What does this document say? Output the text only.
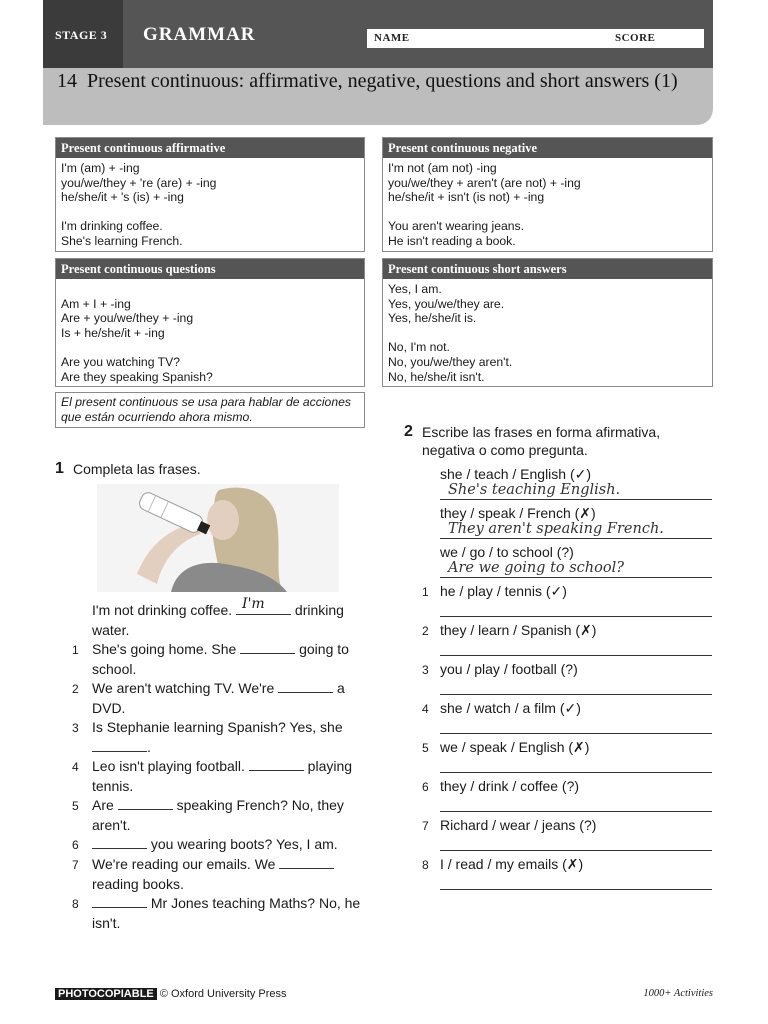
STAGE 3 GRAMMAR	NAME	SCORE
14 Present continuous: affirmative, negative, questions and short answers (1)
Present continuous affirmative
I'm (am) + -ing
you/we/they + 're (are) + -ing
he/she/it + 's (is) + -ing
I'm drinking coffee.
She's learning French.
Present continuous negative
I'm not (am not) -ing
you/we/they + aren't (are not) + -ing
he/she/it + isn't (is not) + -ing
You aren't wearing jeans.
He isn't reading a book.
Present continuous questions
Am + I + -ing
Are + you/we/they + -ing
Is + he/she/it + -ing
Are you watching TV?
Are they speaking Spanish?
Present continuous short answers
Yes, I am.
Yes, you/we/they are.
Yes, he/she/it is.
No, I'm not.
No, you/we/they aren't.
No, he/she/it isn't.
El present continuous se usa para hablar de acciones que están ocurriendo ahora mismo.
1 Completa las frases.
I'm not drinking coffee. I'm drinking water.
1 She's going home. She	going to school.
2 We aren't watching TV. We're	a DVD.
3 Is Stephanie learning Spanish? Yes, she .
4 Leo isn't playing football.	playing tennis.
5 Are	speaking French? No, they aren't.
6	you wearing boots? Yes, I am.
7 We're reading our emails. We  reading books.
8	Mr Jones teaching Maths? No, he isn't.
2 Escribe las frases en forma afirmativa, negativa o como pregunta.
she / teach / English (✓)
She's teaching English.
they / speak / French (✗)
They aren't speaking French.
we / go / to school (?)
Are we going to school?
1 he / play / tennis (✓)
2 they / learn / Spanish (✗)
3 you / play / football (?)
4 she / watch / a film (✓)
5 we / speak / English (✗)
6 they / drink / coffee (?)
7 Richard / wear / jeans (?)
8 I / read / my emails (✗)
PHOTOCOPIABLE © Oxford University Press	1000+ Activities
